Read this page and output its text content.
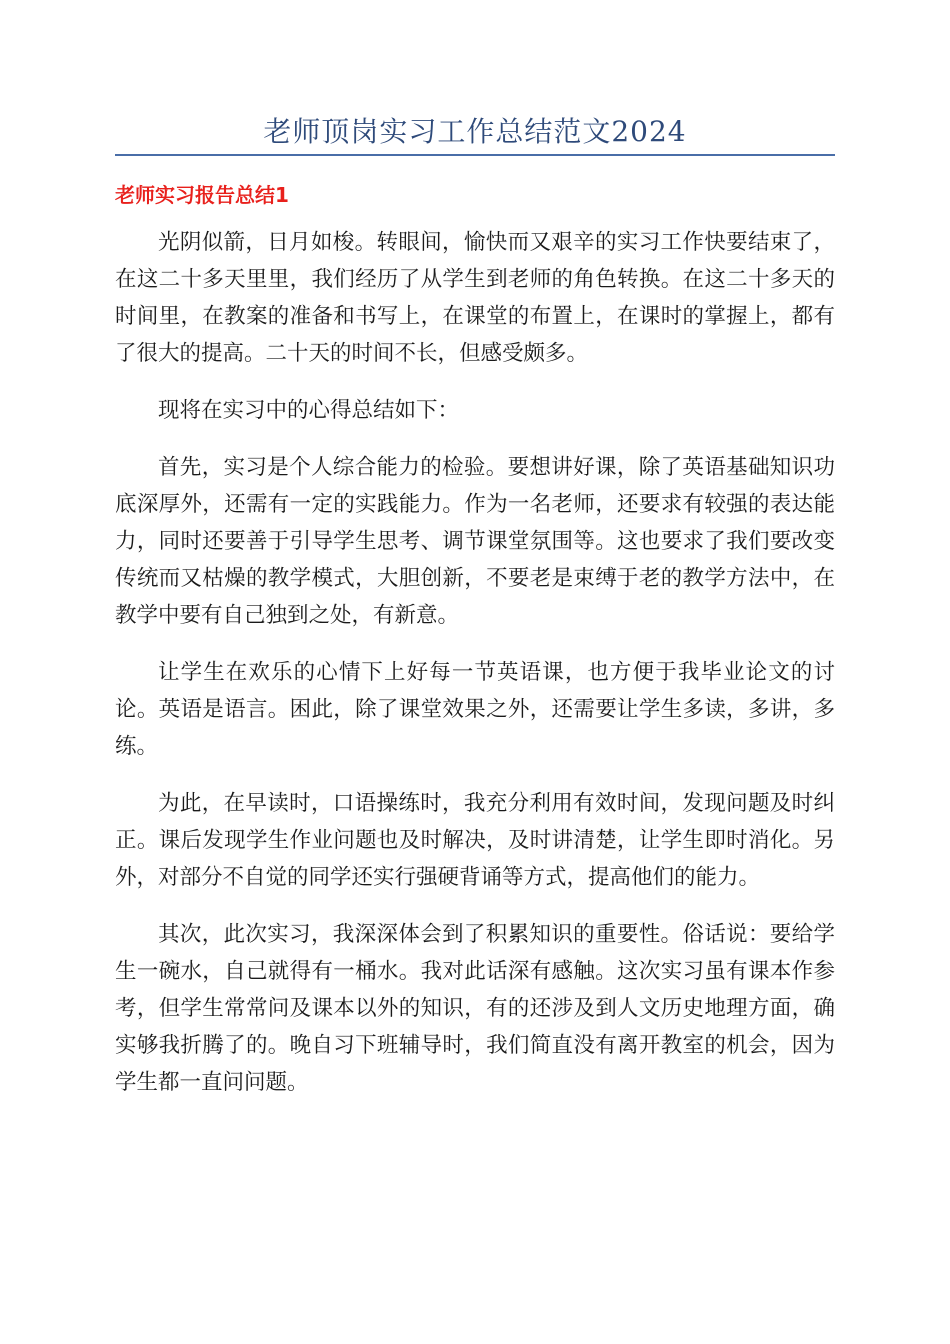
老师顶岗实习工作总结范文2024
老师实习报告总结1

光阴似箭，日月如梭。转眼间，愉快而又艰辛的实习工作快要结束了，在这二十多天里里，我们经历了从学生到老师的角色转换。在这二十多天的时间里，在教案的准备和书写上，在课堂的布置上，在课时的掌握上，都有了很大的提高。二十天的时间不长，但感受颇多。

现将在实习中的心得总结如下：

首先，实习是个人综合能力的检验。要想讲好课，除了英语基础知识功底深厚外，还需有一定的实践能力。作为一名老师，还要求有较强的表达能力，同时还要善于引导学生思考、调节课堂氛围等。这也要求了我们要改变传统而又枯燥的教学模式，大胆创新，不要老是束缚于老的教学方法中，在教学中要有自己独到之处，有新意。

让学生在欢乐的心情下上好每一节英语课，也方便于我毕业论文的讨论。英语是语言。困此，除了课堂效果之外，还需要让学生多读，多讲，多练。

为此，在早读时，口语操练时，我充分利用有效时间，发现问题及时纠正。课后发现学生作业问题也及时解决，及时讲清楚，让学生即时消化。另外，对部分不自觉的同学还实行强硬背诵等方式，提高他们的能力。

其次，此次实习，我深深体会到了积累知识的重要性。俗话说：要给学生一碗水，自己就得有一桶水。我对此话深有感触。这次实习虽有课本作参考，但学生常常问及课本以外的知识，有的还涉及到人文历史地理方面，确实够我折腾了的。晚自习下班辅导时，我们简直没有离开教室的机会，因为学生都一直问问题。
